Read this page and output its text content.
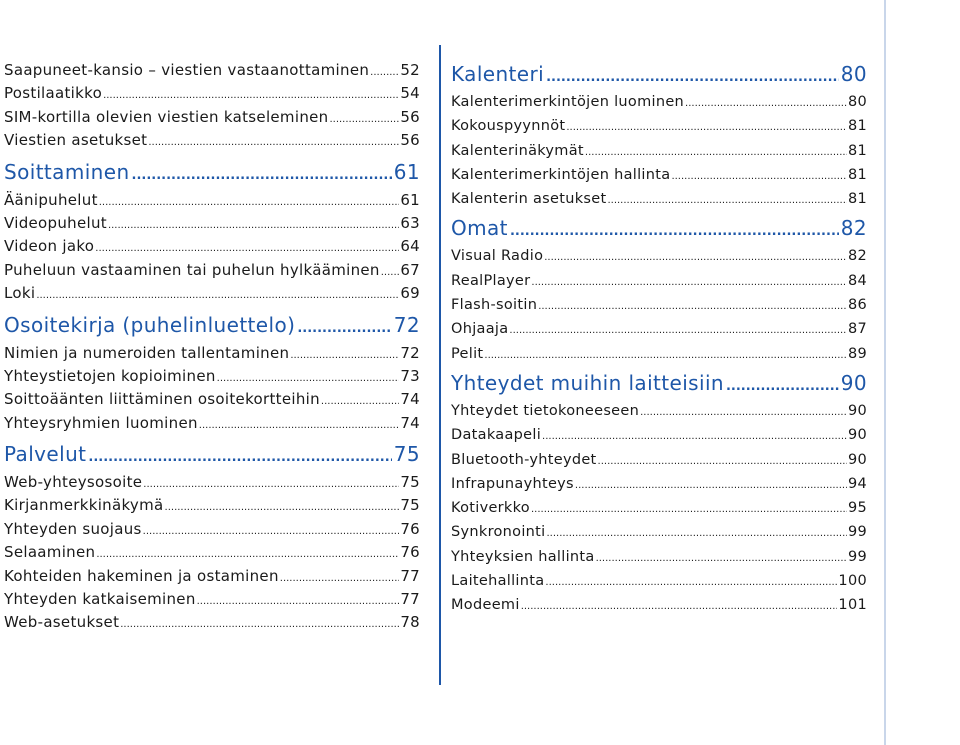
Saapuneet-kansio – viestien vastaanottaminen ..... 52
Postilaatikko .....	54
SIM-kortilla olevien viestien katseleminen .....	56
Viestien asetukset .....	56
Soittaminen .....	61
Äänipuhelut .....	61
Videopuhelut .....	63
Videon jako .....	64
Puheluun vastaaminen tai puhelun hylkääminen ..... 67
Loki .....	69
Osoitekirja (puhelinluettelo) .....	72
Nimien ja numeroiden tallentaminen .....	72
Yhteystietojen kopioiminen .....	73
Soittoäänten liittäminen osoitekortteihin .....	74
Yhteysryhmien luominen .....	74
Palvelut .....	75
Web-yhteysosoite .....	75
Kirjanmerkkinäkymä .....	75
Yhteyden suojaus .....	76
Selaaminen .....	76
Kohteiden hakeminen ja ostaminen .....	77
Yhteyden katkaiseminen .....	77
Web-asetukset .....	78
Kalenteri .....	80
Kalenterimerkintöjen luominen .....	80
Kokouspyynnöt .....	81
Kalenterinäkymät .....	81
Kalenterimerkintöjen hallinta .....	81
Kalenterin asetukset .....	81
Omat .....	82
Visual Radio .....	82
RealPlayer .....	84
Flash-soitin .....	86
Ohjaaja .....	87
Pelit .....	89
Yhteydet muihin laitteisiin .....	90
Yhteydet tietokoneeseen .....	90
Datakaapeli .....	90
Bluetooth-yhteydet .....	90
Infrapunayhteys .....	94
Kotiverkko .....	95
Synkronointi .....	99
Yhteyksien hallinta .....	99
Laitehallinta .....	100
Modeemi .....	101
